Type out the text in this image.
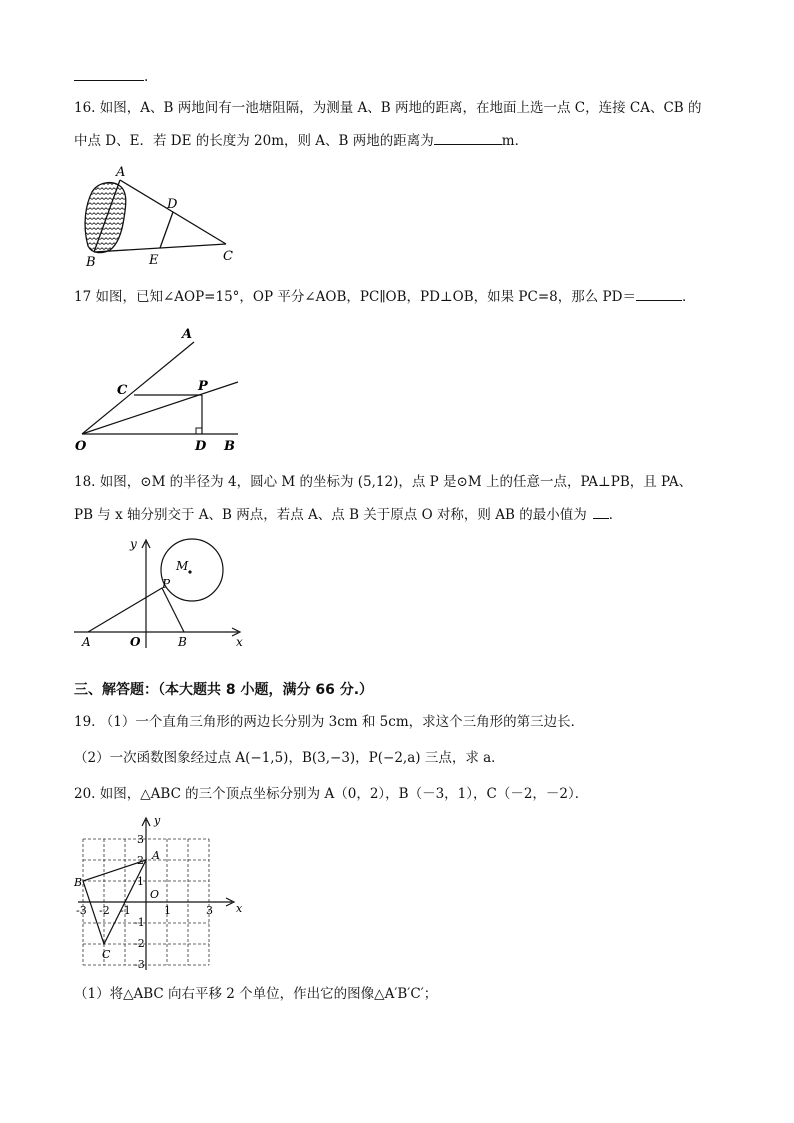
.
16. 如图，A、B 两地间有一池塘阻隔，为测量 A、B 两地的距离，在地面上选一点 C，连接 CA、CB 的
中点 D、E．若 DE 的长度为 20m，则 A、B 两地的距离为	m．
A
D
B	E	C
17 如图，已知∠AOP=15°，OP 平分∠AOB，PC∥OB，PD⊥OB，如果 PC=8，那么 PD＝	．
A
C	P
O	D B
18. 如图，⊙M 的半径为 4，圆心 M 的坐标为 (5,12)，点 P 是⊙M 上的任意一点，PA⊥PB，且 PA、
PB 与 x 轴分别交于 A、B 两点，若点 A、点 B 关于原点 O 对称，则 AB 的最小值为 ．
y
M
P
A	O	B	x
三、解答题：（本大题共 8 小题，满分 66 分.）
19. （1）一个直角三角形的两边长分别为 3cm 和 5cm，求这个三角形的第三边长．
（2）一次函数图象经过点 A(−1,5)，B(3,−3)，P(−2,a) 三点，求 a．
20. 如图，△ABC 的三个顶点坐标分别为 A（0，2），B（－3，1），C（－2，－2）．
y
x
A
B
C
O
3
2
1
-1
-2
-3
-3 -2 -1	1	3
（1）将△ABC 向右平移 2 个单位，作出它的图像△A′B′C′；
